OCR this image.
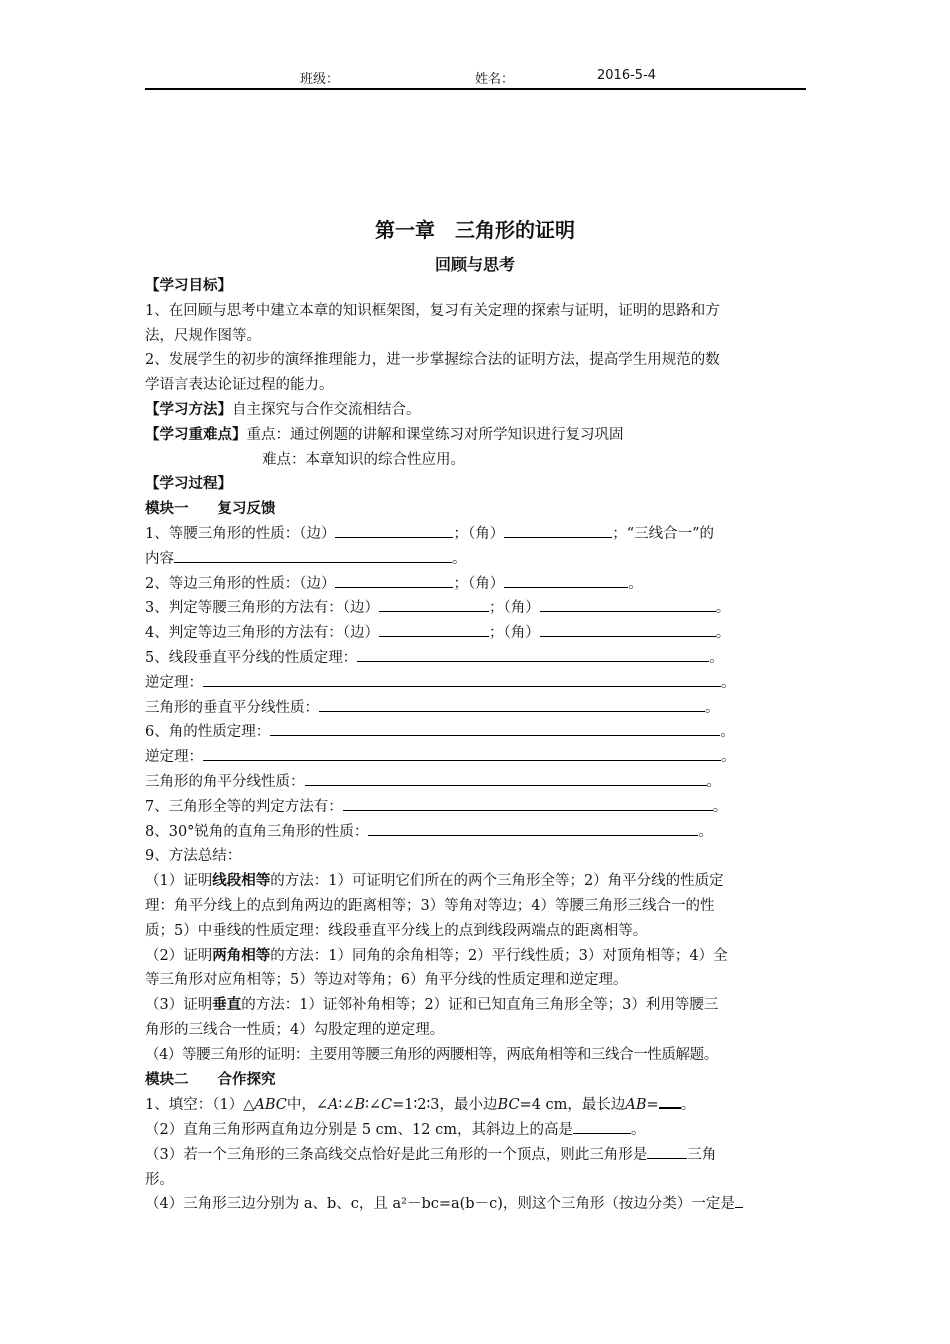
班级：	姓名：	2016-5-4
第一章　三角形的证明
回顾与思考

【学习目标】

1、在回顾与思考中建立本章的知识框架图，复习有关定理的探索与证明，证明的思路和方

法，尺规作图等。

2、发展学生的初步的演绎推理能力，进一步掌握综合法的证明方法，提高学生用规范的数

学语言表达论证过程的能力。

【学习方法】自主探究与合作交流相结合。

【学习重难点】重点：通过例题的讲解和课堂练习对所学知识进行复习巩固

难点：本章知识的综合性应用。

【学习过程】

模块一　　复习反馈

1、等腰三角形的性质：（边）	；（角）	；“三线合一”的

内容	。

2、等边三角形的性质：（边）	；（角）	。

3、判定等腰三角形的方法有：（边）	；（角）	。

4、判定等边三角形的方法有：（边）	；（角）	。

5、线段垂直平分线的性质定理：	。

逆定理：	。

三角形的垂直平分线性质：	。

6、角的性质定理：	。

逆定理：	。

三角形的角平分线性质：	。

7、三角形全等的判定方法有：	。

8、30°锐角的直角三角形的性质：	。

9、方法总结：

（1）证明线段相等的方法：1）可证明它们所在的两个三角形全等；2）角平分线的性质定

理：角平分线上的点到角两边的距离相等；3）等角对等边；4）等腰三角形三线合一的性

质；5）中垂线的性质定理：线段垂直平分线上的点到线段两端点的距离相等。

（2）证明两角相等的方法：1）同角的余角相等；2）平行线性质；3）对顶角相等；4）全

等三角形对应角相等；5）等边对等角；6）角平分线的性质定理和逆定理。

（3）证明垂直的方法：1）证邻补角相等；2）证和已知直角三角形全等；3）利用等腰三

角形的三线合一性质；4）勾股定理的逆定理。

（4）等腰三角形的证明：主要用等腰三角形的两腰相等，两底角相等和三线合一性质解题。

模块二　　合作探究

1、填空：（1）△ABC中，∠A∶∠B∶∠C=1∶2∶3，最小边BC=4 cm，最长边AB= 。

（2）直角三角形两直角边分别是 5 cm、12 cm，其斜边上的高是	。

（3）若一个三角形的三条高线交点恰好是此三角形的一个顶点，则此三角形是	三角

形。

（4）三角形三边分别为 a、b、c，且 a²－bc=a(b－c)，则这个三角形（按边分类）一定是
